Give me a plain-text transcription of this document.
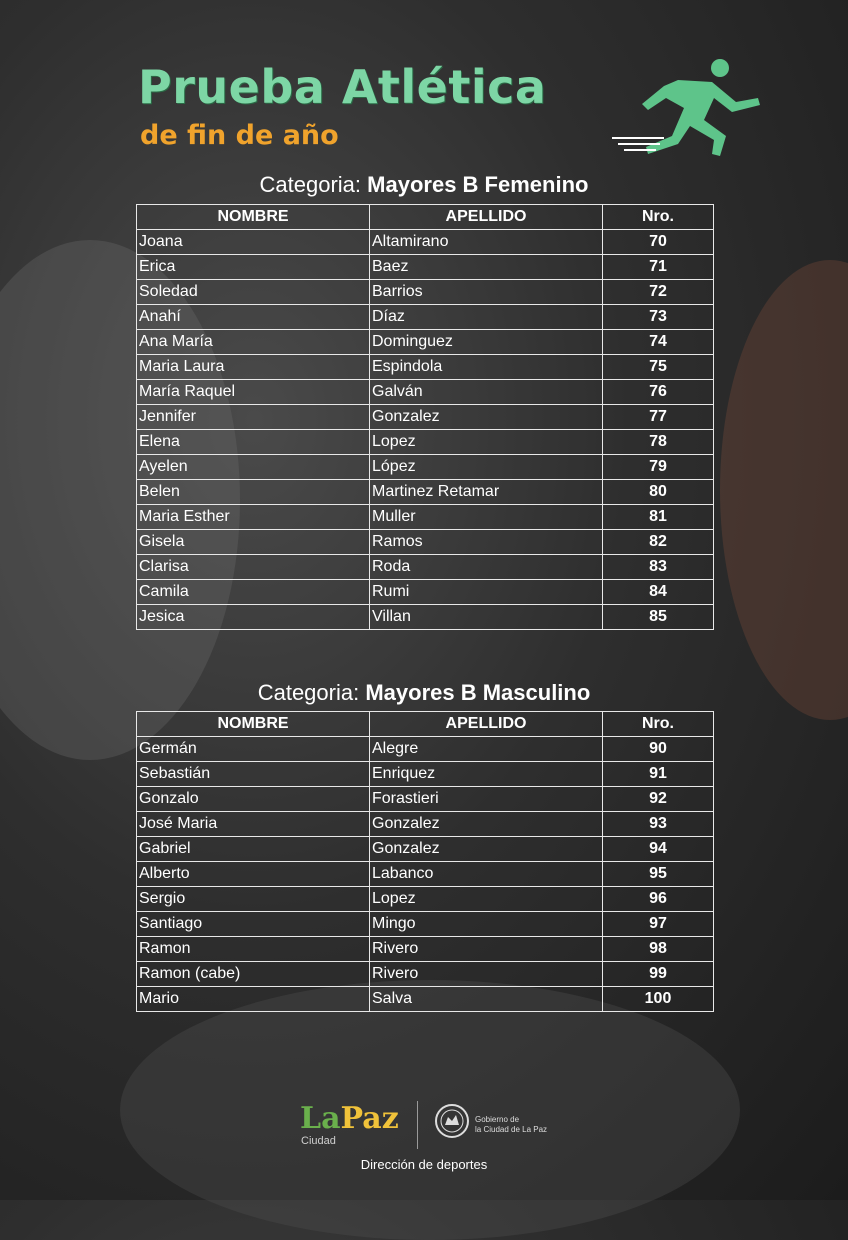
Prueba Atlética
de fin de año
Categoria: Mayores B Femenino
NOMBRE	APELLIDO	Nro.
Joana	Altamirano	70
Erica	Baez	71
Soledad	Barrios	72
Anahí	Díaz	73
Ana María	Dominguez	74
Maria Laura	Espindola	75
María Raquel	Galván	76
Jennifer	Gonzalez	77
Elena	Lopez	78
Ayelen	López	79
Belen	Martinez Retamar	80
Maria Esther	Muller	81
Gisela	Ramos	82
Clarisa	Roda	83
Camila	Rumi	84
Jesica	Villan	85
Categoria: Mayores B Masculino
NOMBRE	APELLIDO	Nro.
Germán	Alegre	90
Sebastián	Enriquez	91
Gonzalo	Forastieri	92
José Maria	Gonzalez	93
Gabriel	Gonzalez	94
Alberto	Labanco	95
Sergio	Lopez	96
Santiago	Mingo	97
Ramon	Rivero	98
Ramon (cabe)	Rivero	99
Mario	Salva	100
LaPaz
Ciudad
Gobierno de
la Ciudad de La Paz
Dirección de deportes
